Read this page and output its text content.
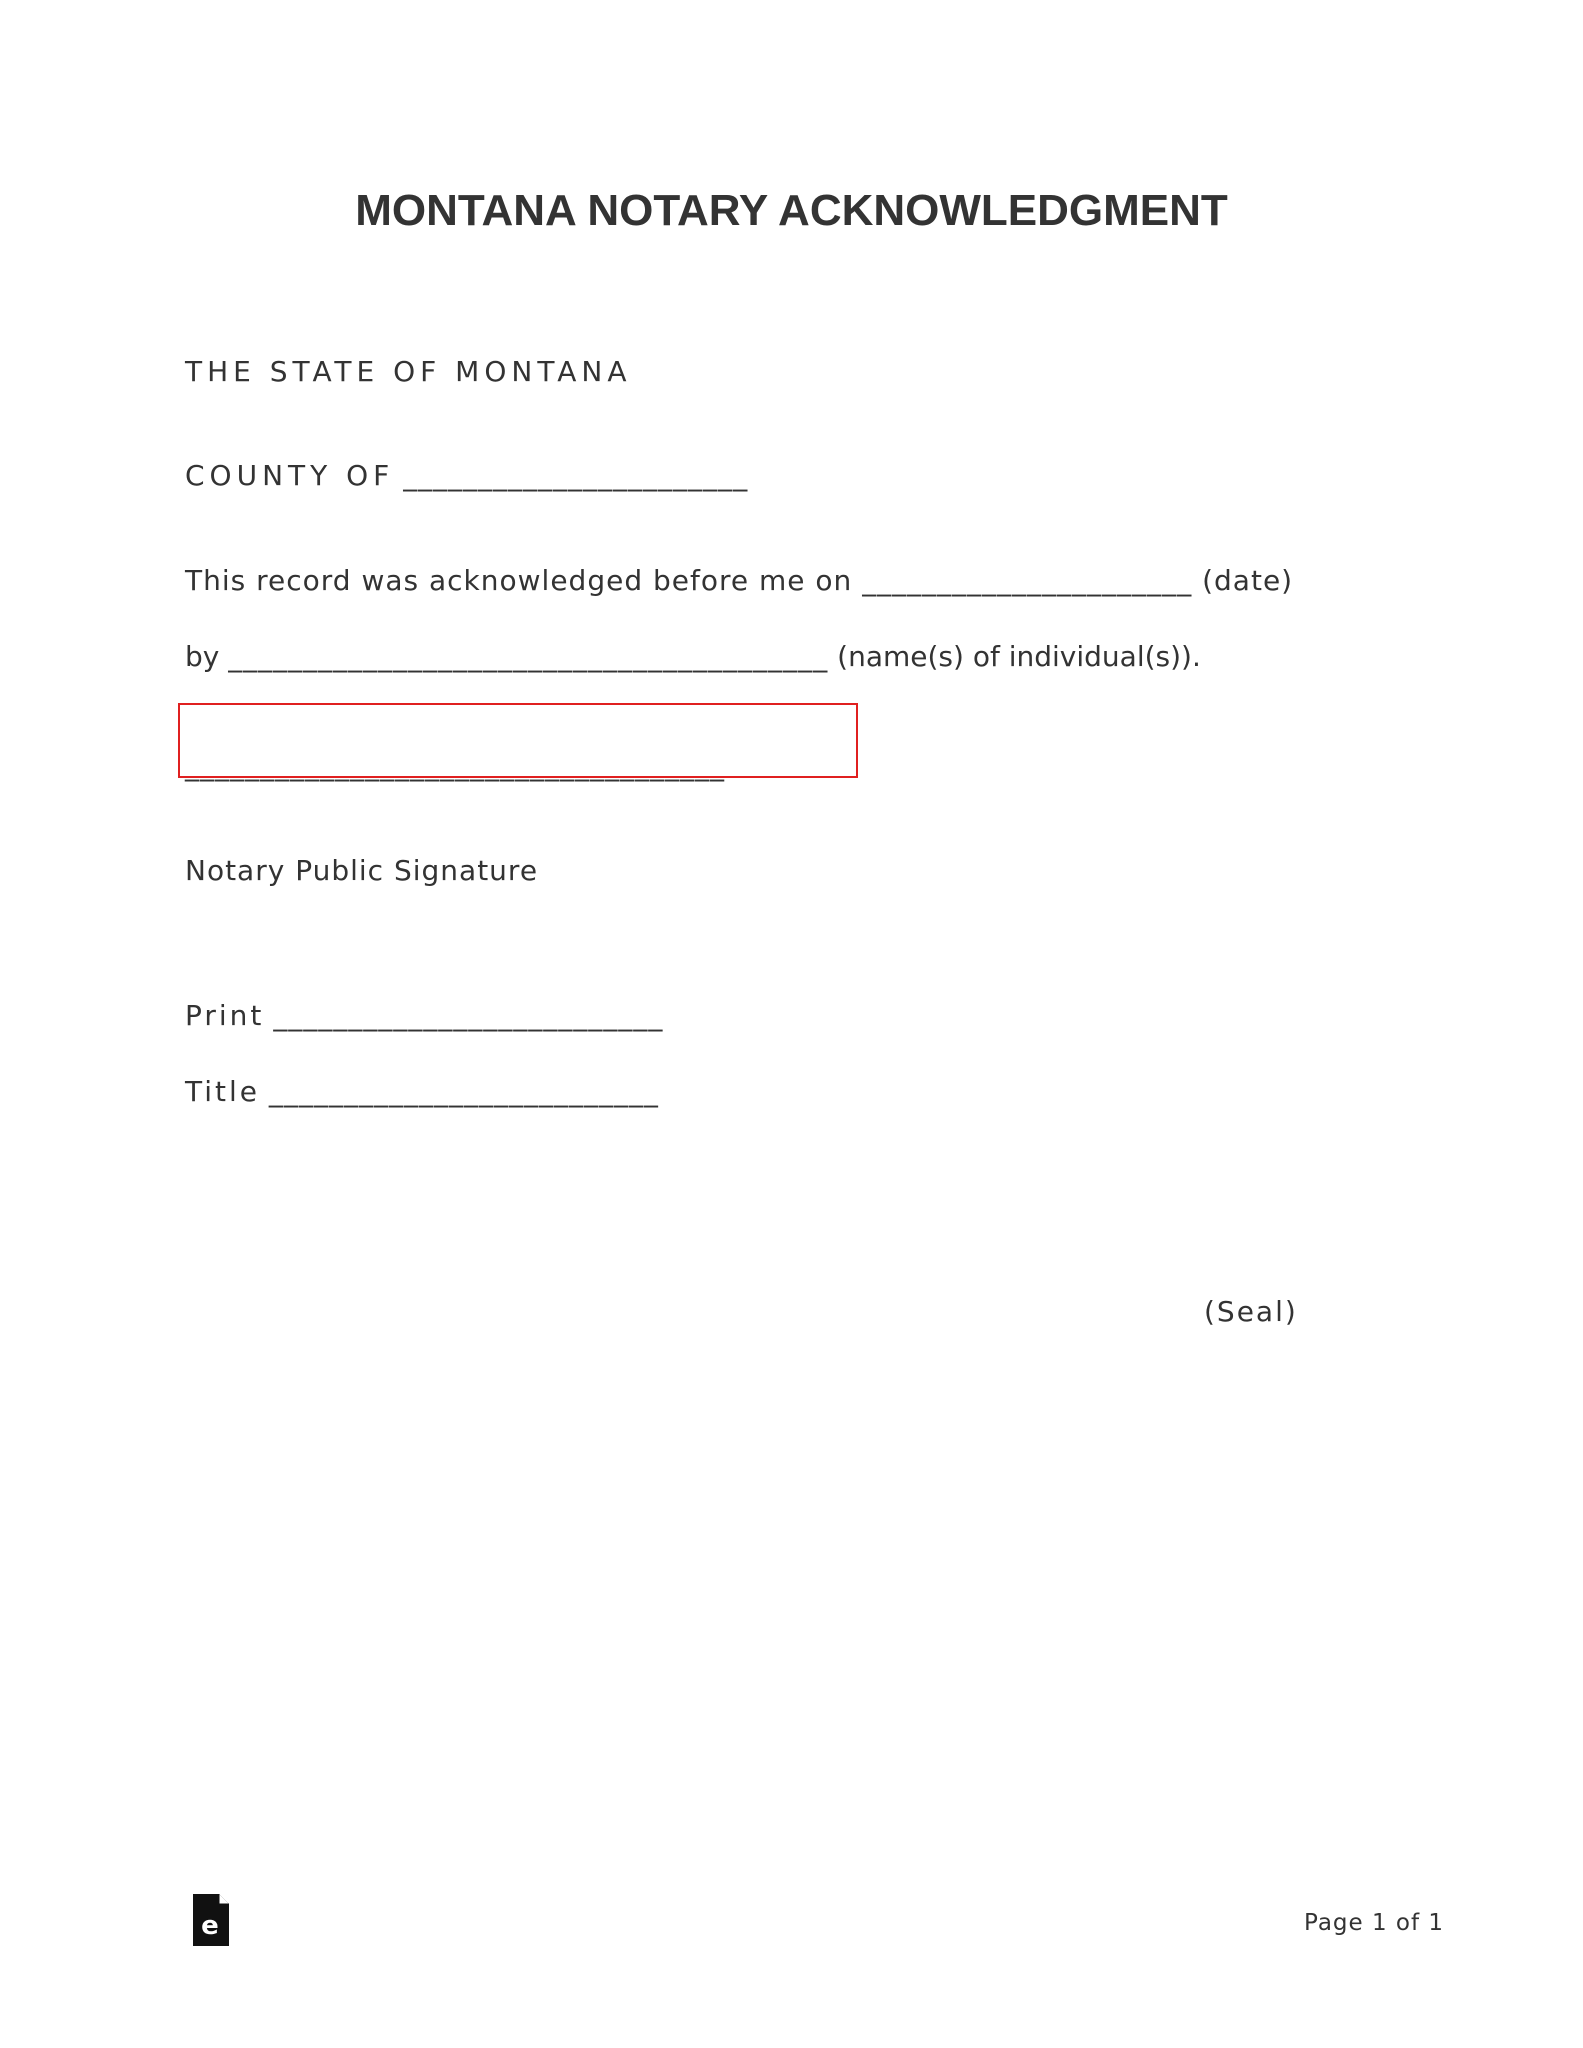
MONTANA NOTARY ACKNOWLEDGMENT
THE STATE OF MONTANA
COUNTY OF _______________________
This record was acknowledged before me on ______________________ (date)
by ________________________________________ (name(s) of individual(s)).
____________________________________
Notary Public Signature
Print __________________________
Title __________________________
(Seal)
e	Page 1 of 1
